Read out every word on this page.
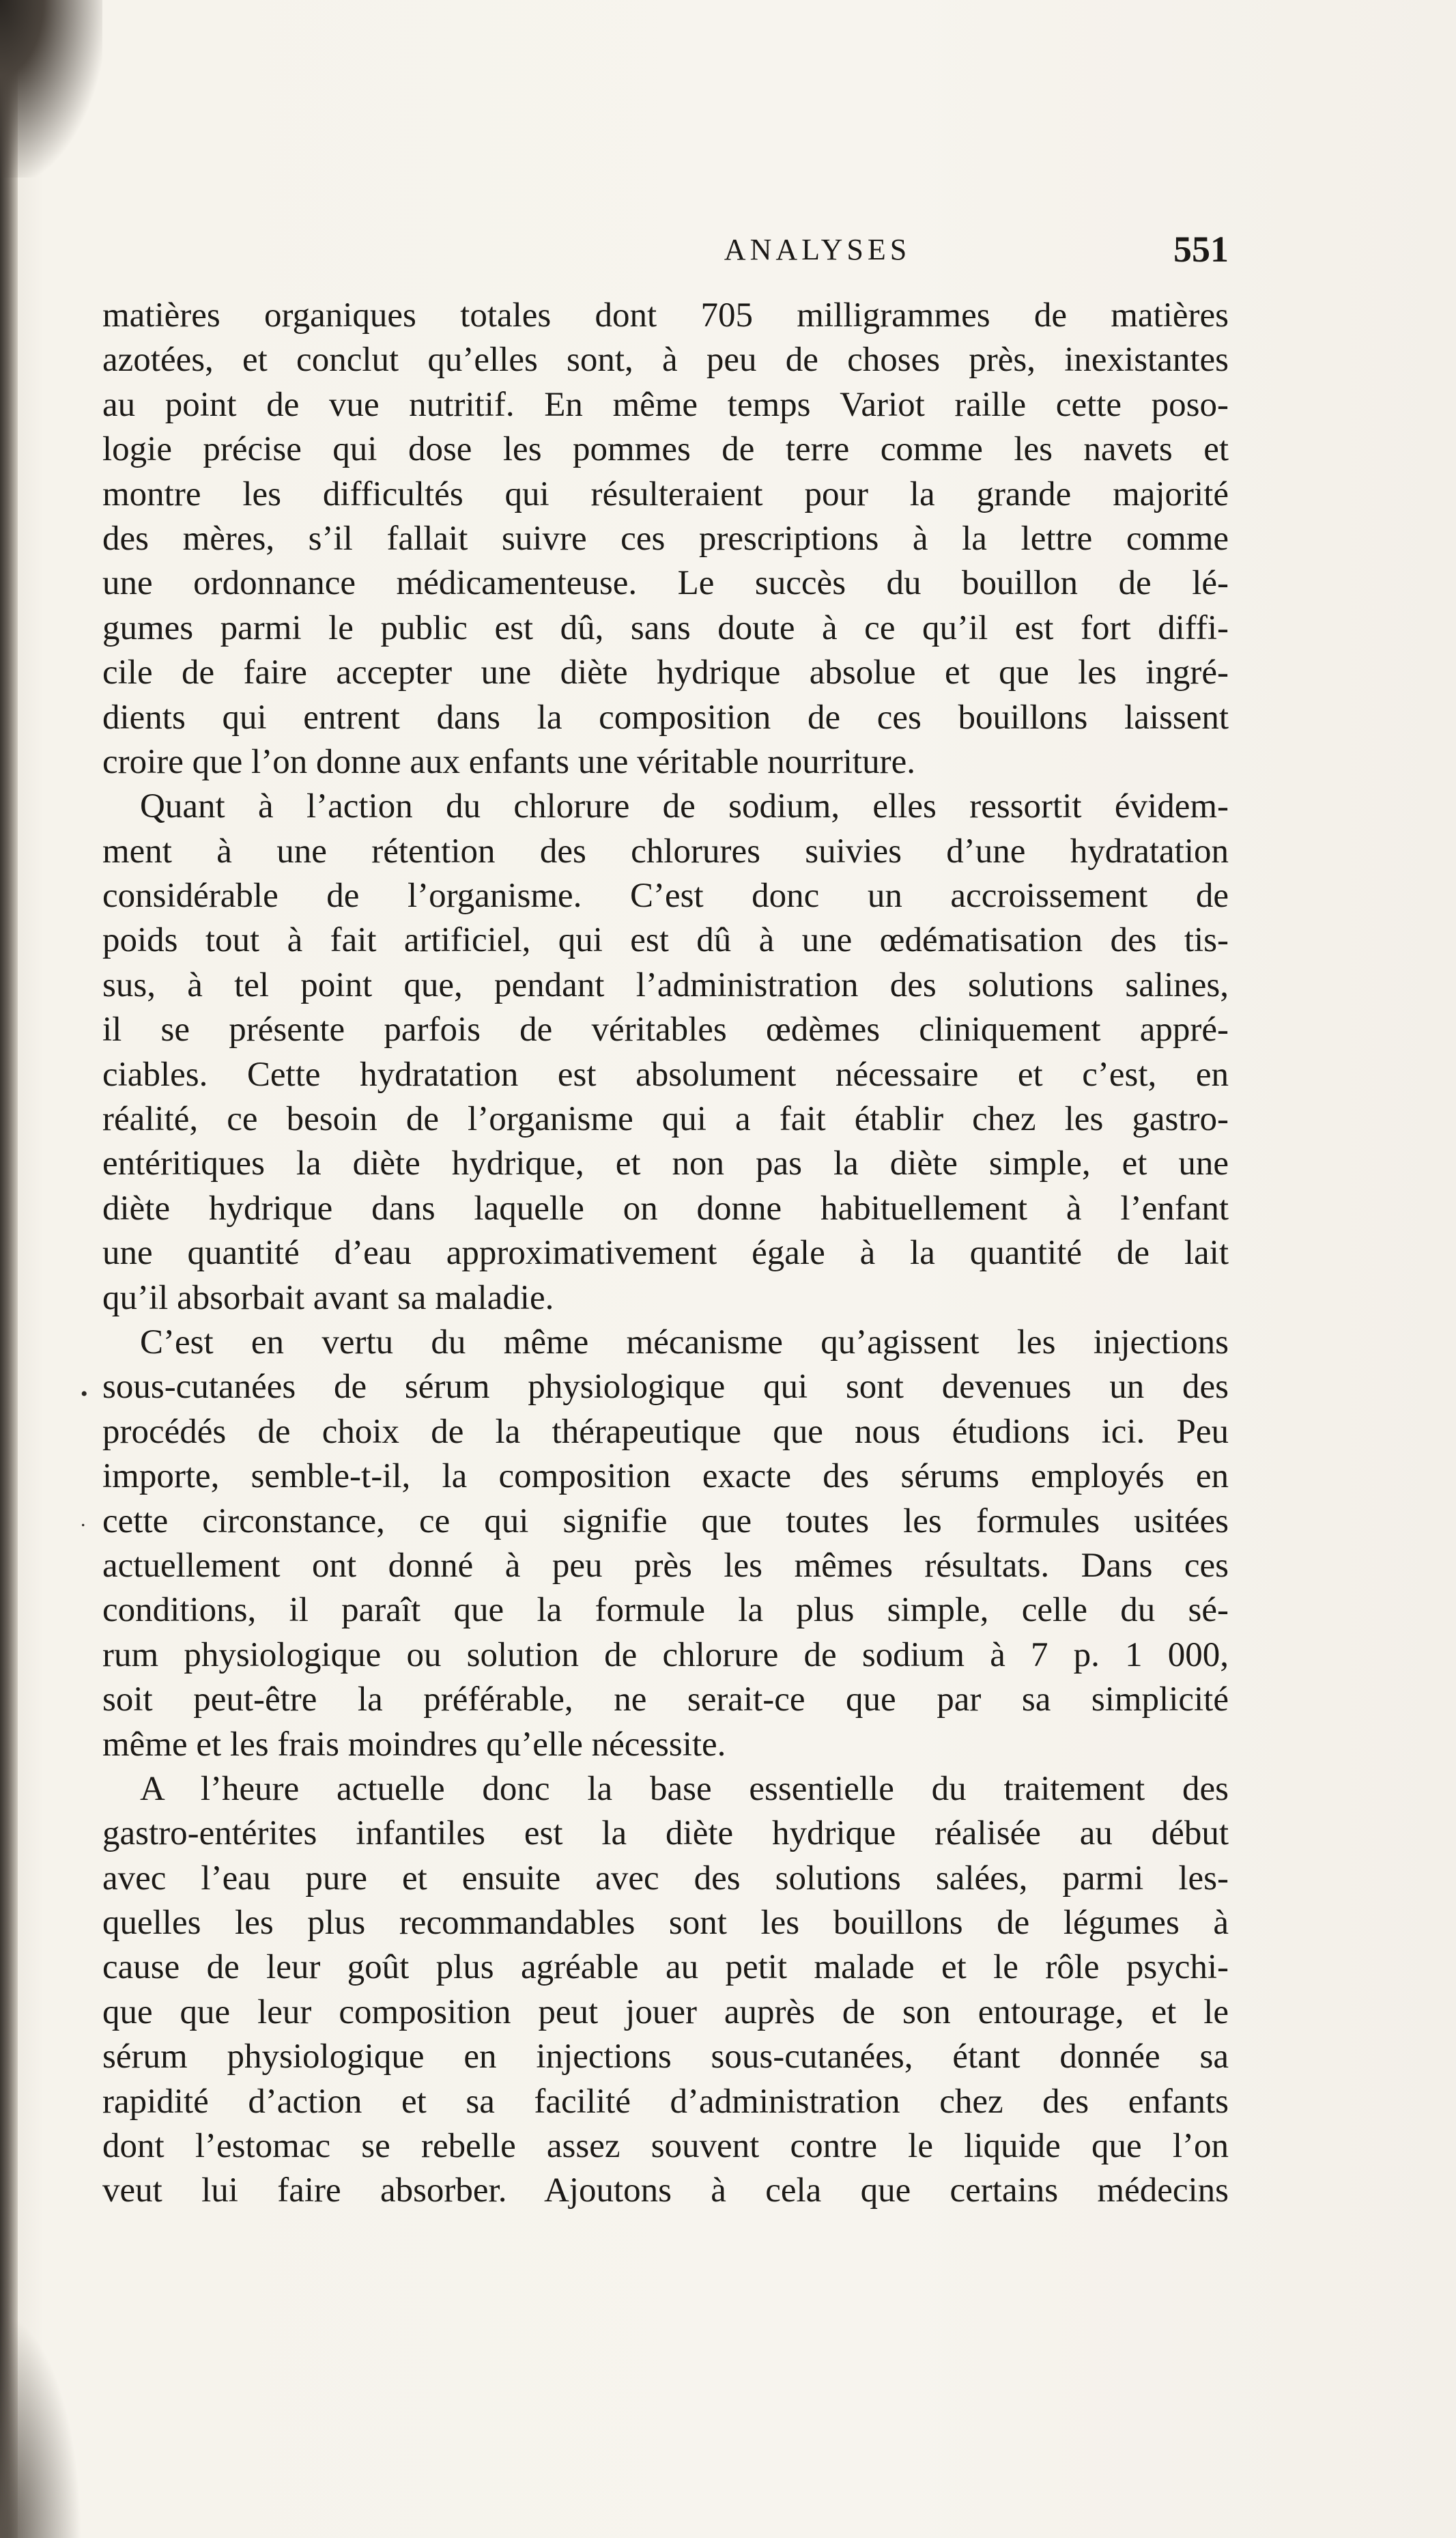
ANALYSES	551
•
.
matières organiques totales dont 705 milligrammes de matières
azotées, et conclut qu’elles sont, à peu de choses près, inexistantes
au point de vue nutritif. En même temps Variot raille cette poso-
logie précise qui dose les pommes de terre comme les navets et
montre les difficultés qui résulteraient pour la grande majorité
des mères, s’il fallait suivre ces prescriptions à la lettre comme
une ordonnance médicamenteuse. Le succès du bouillon de lé-
gumes parmi le public est dû, sans doute à ce qu’il est fort diffi-
cile de faire accepter une diète hydrique absolue et que les ingré-
dients qui entrent dans la composition de ces bouillons laissent
croire que l’on donne aux enfants une véritable nourriture.
Quant à l’action du chlorure de sodium, elles ressortit évidem-
ment à une rétention des chlorures suivies d’une hydratation
considérable de l’organisme. C’est donc un accroissement de
poids tout à fait artificiel, qui est dû à une œdématisation des tis-
sus, à tel point que, pendant l’administration des solutions salines,
il se présente parfois de véritables œdèmes cliniquement appré-
ciables. Cette hydratation est absolument nécessaire et c’est, en
réalité, ce besoin de l’organisme qui a fait établir chez les gastro-
entéritiques la diète hydrique, et non pas la diète simple, et une
diète hydrique dans laquelle on donne habituellement à l’enfant
une quantité d’eau approximativement égale à la quantité de lait
qu’il absorbait avant sa maladie.
C’est en vertu du même mécanisme qu’agissent les injections
sous-cutanées de sérum physiologique qui sont devenues un des
procédés de choix de la thérapeutique que nous étudions ici. Peu
importe, semble-t-il, la composition exacte des sérums employés en
cette circonstance, ce qui signifie que toutes les formules usitées
actuellement ont donné à peu près les mêmes résultats. Dans ces
conditions, il paraît que la formule la plus simple, celle du sé-
rum physiologique ou solution de chlorure de sodium à 7 p. 1 000,
soit peut-être la préférable, ne serait-ce que par sa simplicité
même et les frais moindres qu’elle nécessite.
A l’heure actuelle donc la base essentielle du traitement des
gastro-entérites infantiles est la diète hydrique réalisée au début
avec l’eau pure et ensuite avec des solutions salées, parmi les-
quelles les plus recommandables sont les bouillons de légumes à
cause de leur goût plus agréable au petit malade et le rôle psychi-
que que leur composition peut jouer auprès de son entourage, et le
sérum physiologique en injections sous-cutanées, étant donnée sa
rapidité d’action et sa facilité d’administration chez des enfants
dont l’estomac se rebelle assez souvent contre le liquide que l’on
veut lui faire absorber. Ajoutons à cela que certains médecins
